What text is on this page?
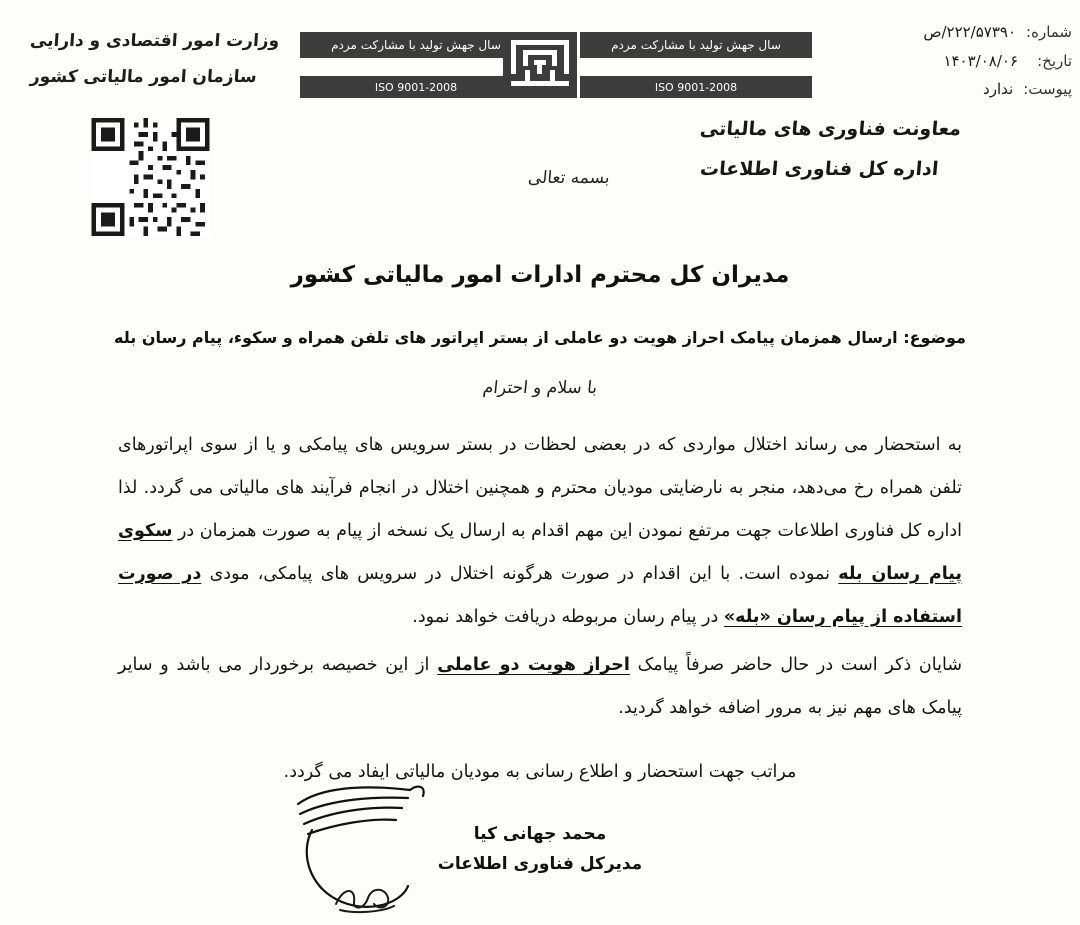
شماره:
۲۲۲/۵۷۳۹۰/ص
تاریخ:
۱۴۰۳/۰۸/۰۶
پیوست:
ندارد
وزارت امور اقتصادی و دارایی
سازمان امور مالیاتی کشور
سال جهش تولید با مشارکت مردم
سال جهش تولید با مشارکت مردم
ISO 9001-2008
ISO 9001-2008
معاونت فناوری های مالیاتی
اداره کل فناوری اطلاعات
بسمه تعالی
مدیران کل محترم ادارات امور مالیاتی کشور
موضوع: ارسال همزمان پیامک احراز هویت دو عاملی از بستر اپراتور های تلفن همراه و سکوء، پیام رسان بله
با سلام و احترام

به استحضار می رساند اختلال مواردی که در بعضی لحظات در بستر سرویس های پیامکی و یا از سوی اپراتورهای تلفن همراه رخ می‌دهد، منجر به نارضایتی مودیان محترم و همچنین اختلال در انجام فرآیند های مالیاتی می گردد. لذا اداره کل فناوری اطلاعات جهت مرتفع نمودن این مهم اقدام به ارسال یک نسخه از پیام به صورت همزمان در سکوی پیام رسان بله نموده است. با این اقدام در صورت هرگونه اختلال در سرویس های پیامکی، مودی در صورت استفاده از پیام رسان «بله» در پیام رسان مربوطه دریافت خواهد نمود.

شایان ذکر است در حال حاضر صرفاً پیامک احراز هویت دو عاملی از این خصیصه برخوردار می باشد و سایر پیامک های مهم نیز به مرور اضافه خواهد گردید.

مراتب جهت استحضار و اطلاع رسانی به مودیان مالیاتی ایفاد می گردد.
محمد جهانی کیا
مدیرکل فناوری اطلاعات
